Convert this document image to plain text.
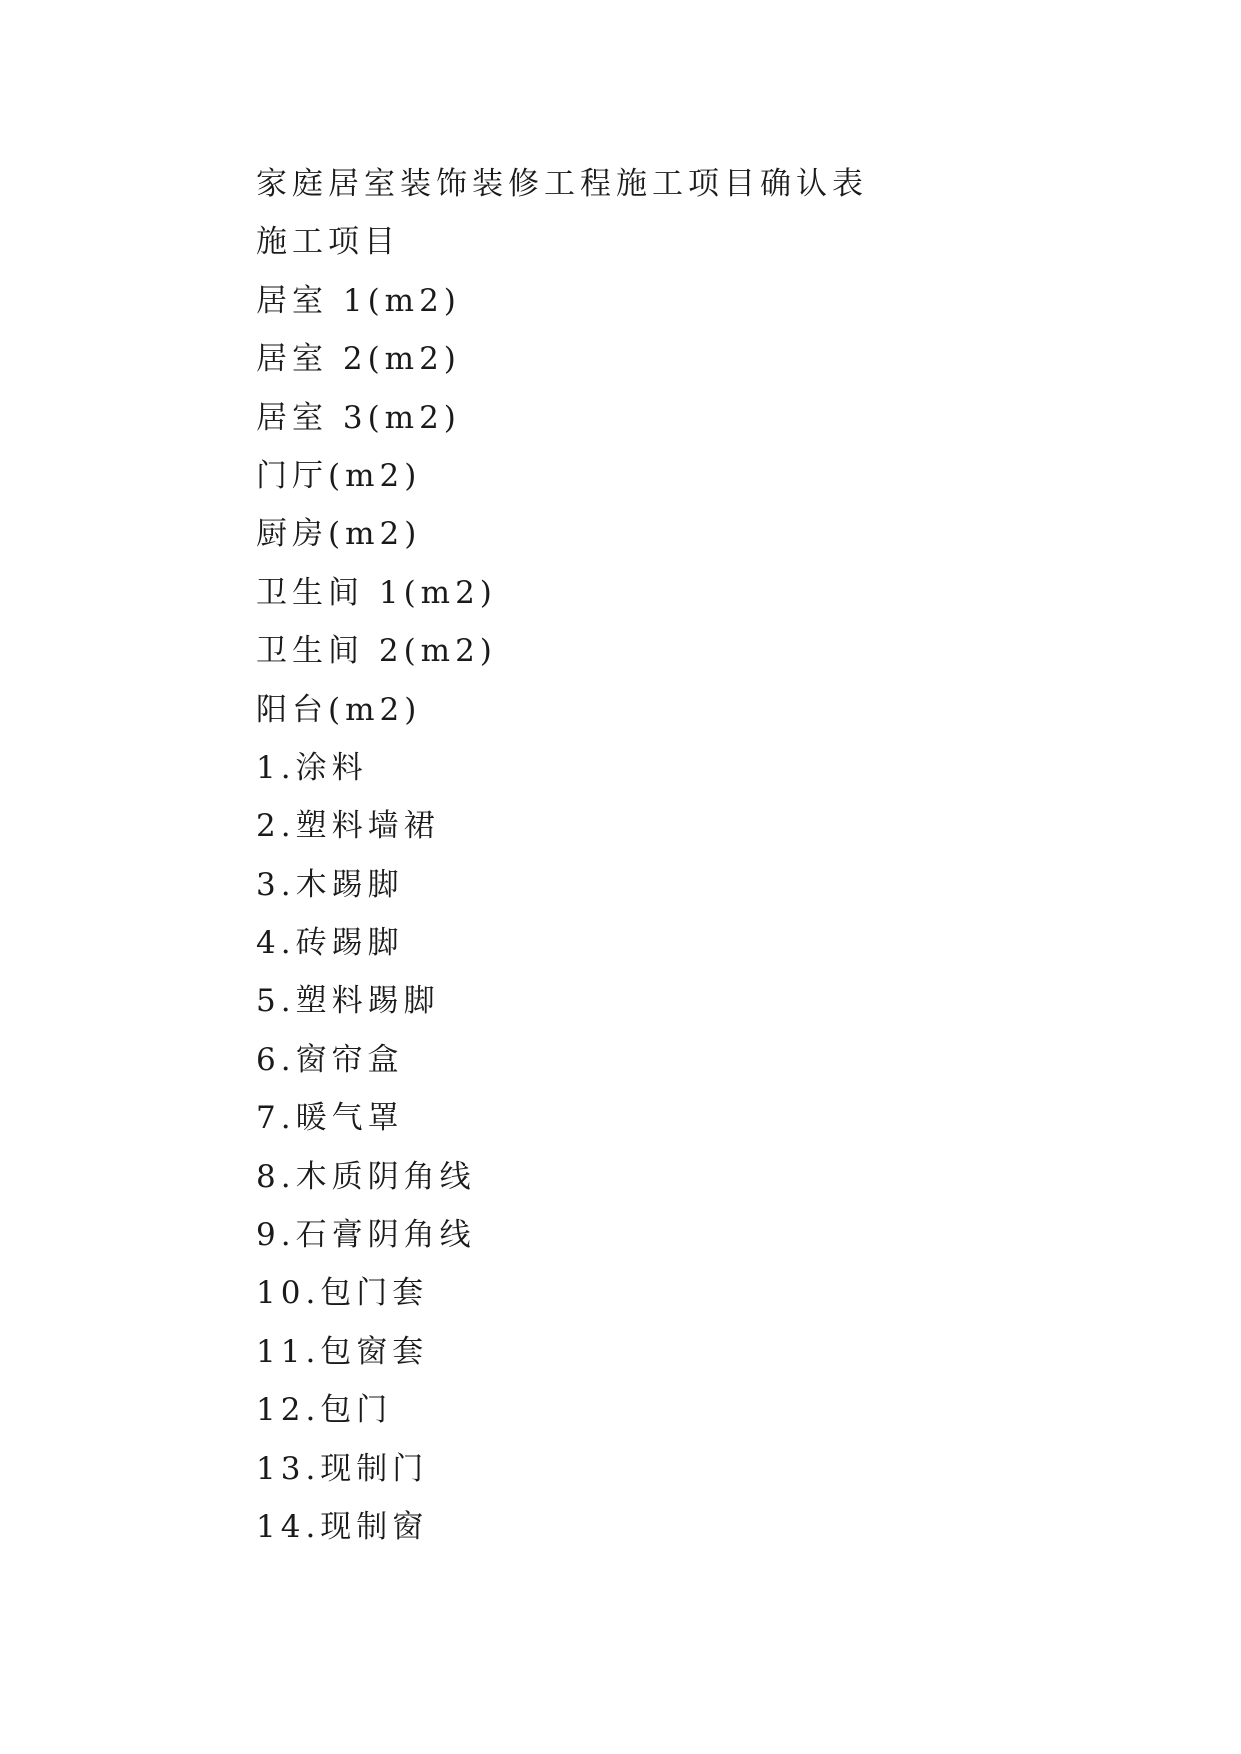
家庭居室装饰装修工程施工项目确认表
施工项目
居室 1(m2)
居室 2(m2)
居室 3(m2)
门厅(m2)
厨房(m2)
卫生间 1(m2)
卫生间 2(m2)
阳台(m2)
1.涂料
2.塑料墙裙
3.木踢脚
4.砖踢脚
5.塑料踢脚
6.窗帘盒
7.暖气罩
8.木质阴角线
9.石膏阴角线
10.包门套
11.包窗套
12.包门
13.现制门
14.现制窗
